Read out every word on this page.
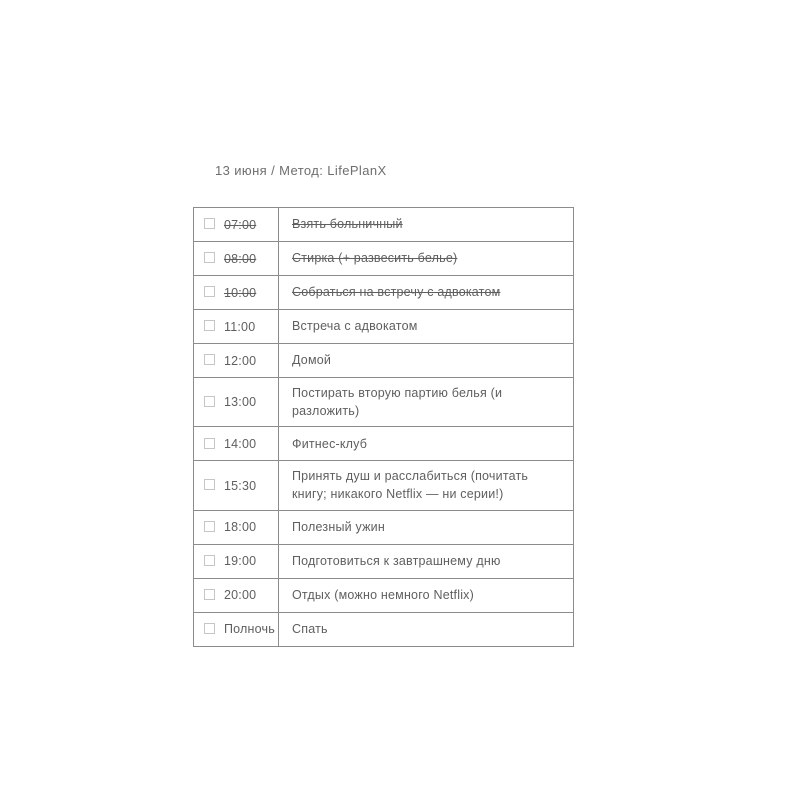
13 июня / Метод: LifePlanX
07:00	Взять больничный
08:00	Стирка (+ развесить белье)
10:00	Собраться на встречу с адвокатом
11:00	Встреча с адвокатом
12:00	Домой
13:00	Постирать вторую партию белья (и разложить)
14:00	Фитнес-клуб
15:30	Принять душ и расслабиться (почитать книгу; никакого Netflix — ни серии!)
18:00	Полезный ужин
19:00	Подготовиться к завтрашнему дню
20:00	Отдых (можно немного Netflix)
Полночь	Спать
